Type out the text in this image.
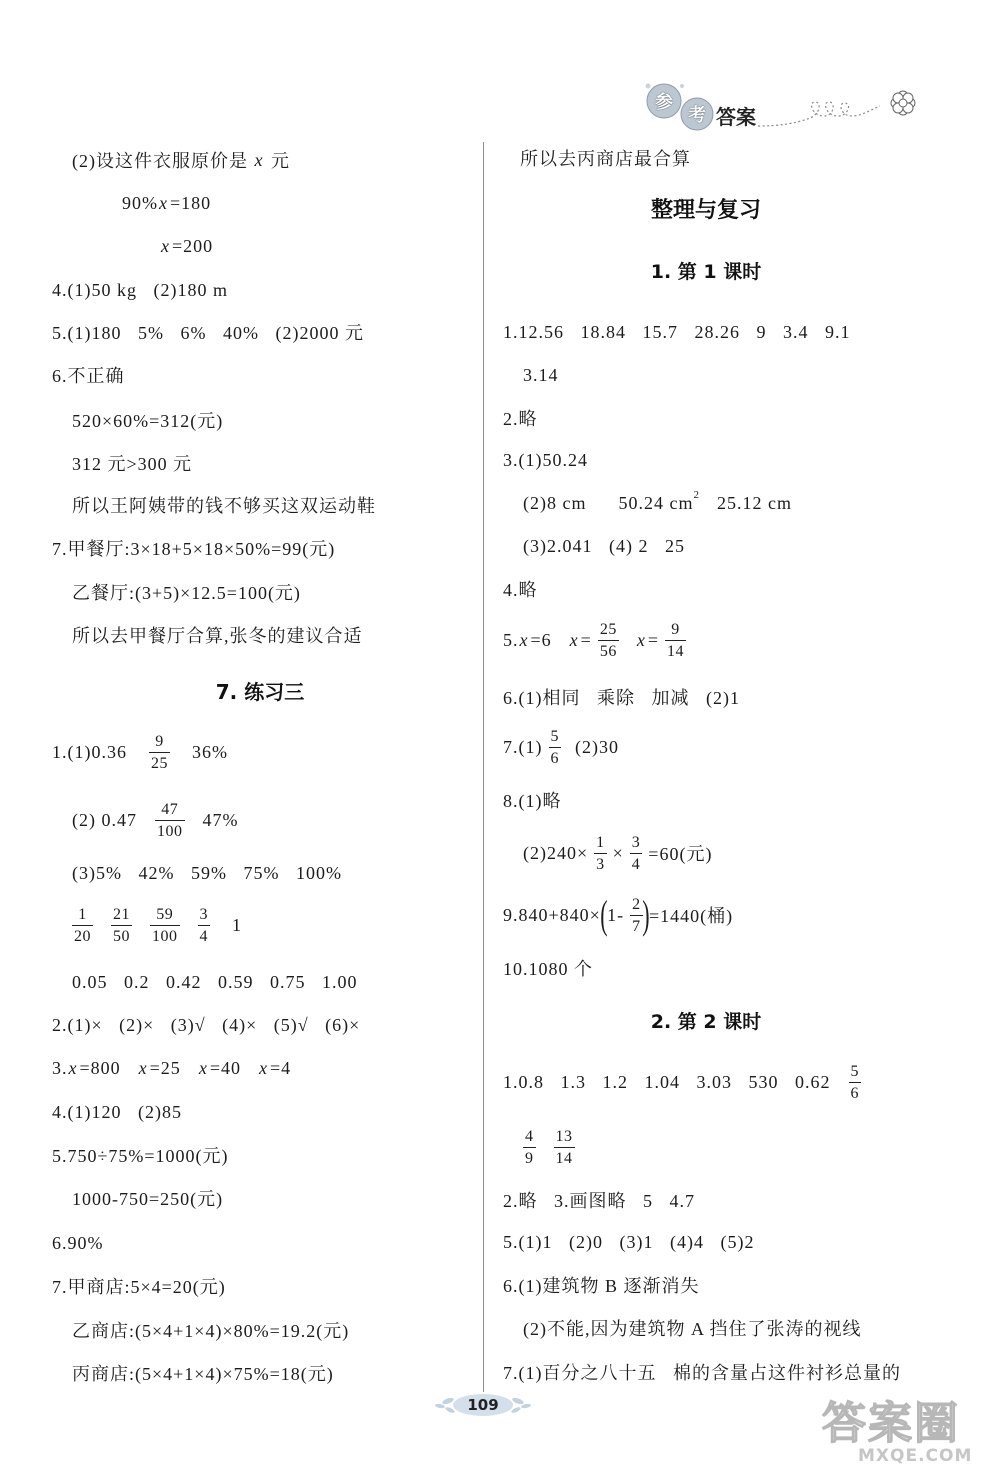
参
考 答案
(2)设这件衣服原价是 x 元
90% x =180
x =200
4.(1)50 kg   (2)180 m
5.(1)180   5%   6%   40%   (2)2000 元
6.不正确
520×60%=312(元)
312 元>300 元
所以王阿姨带的钱不够买这双运动鞋
7.甲餐厅:3×18+5×18×50%=99(元)
乙餐厅:(3+5)×12.5=100(元)
所以去甲餐厅合算,张冬的建议合适
7. 练习三
$1.(1)0.36 \frac{9}{25} 36\%$
(2) $0.47 \frac{47}{100} 47\%$
(3)5%   42%   59%   75%   100%
$\frac{1}{20} \frac{21}{50} \frac{59}{100} \frac{3}{4} 1$
0.05   0.2   0.42   0.59   0.75   1.00
2.(1)×   (2)×   (3)√   (4)×   (5)√   (6)×
3. x =800 x =25 x =40 x =4
4.(1)120   (2)85
5.750÷75%=1000(元)
1000-750=250(元)
6.90%
7.甲商店:5×4=20(元)
乙商店:(5×4+1×4)×80%=19.2(元)
丙商店:(5×4+1×4)×75%=18(元)
所以去丙商店最合算
整理与复习
1. 第 1 课时
1.12.56   18.84   15.7   28.26   9   3.4   9.1
3.14
2.略
3.(1)50.24
(2)8 cm 50.24 cm 2 25.12 cm
(3)2.041   (4) 2   25
4.略
5. x =6 $x = \frac{25}{56}$ $x = \frac{9}{14}$
6.(1)相同   乘除   加减   (2)1
$7.(1) \frac{5}{6} (2)30$
8.(1)略
$(2)240\times \frac{1}{3} \times \frac{3}{4} =60$(元)
9.840+840× ( $1- \frac{2}{7}$ ) =1440(桶)
10.1080 个
2. 第 2 课时
1.0.8   1.3   1.2   1.04   3.03   530   $0.62 \frac{5}{6}$
$\frac{4}{9} \frac{13}{14}$
2.略   3.画图略   5   4.7
5.(1)1   (2)0   (3)1   (4)4   (5)2
6.(1)建筑物 B 逐渐消失
(2)不能,因为建筑物 A 挡住了张涛的视线
7.(1)百分之八十五   棉的含量占这件衬衫总量的
109	答案圈
MXQE.COM
